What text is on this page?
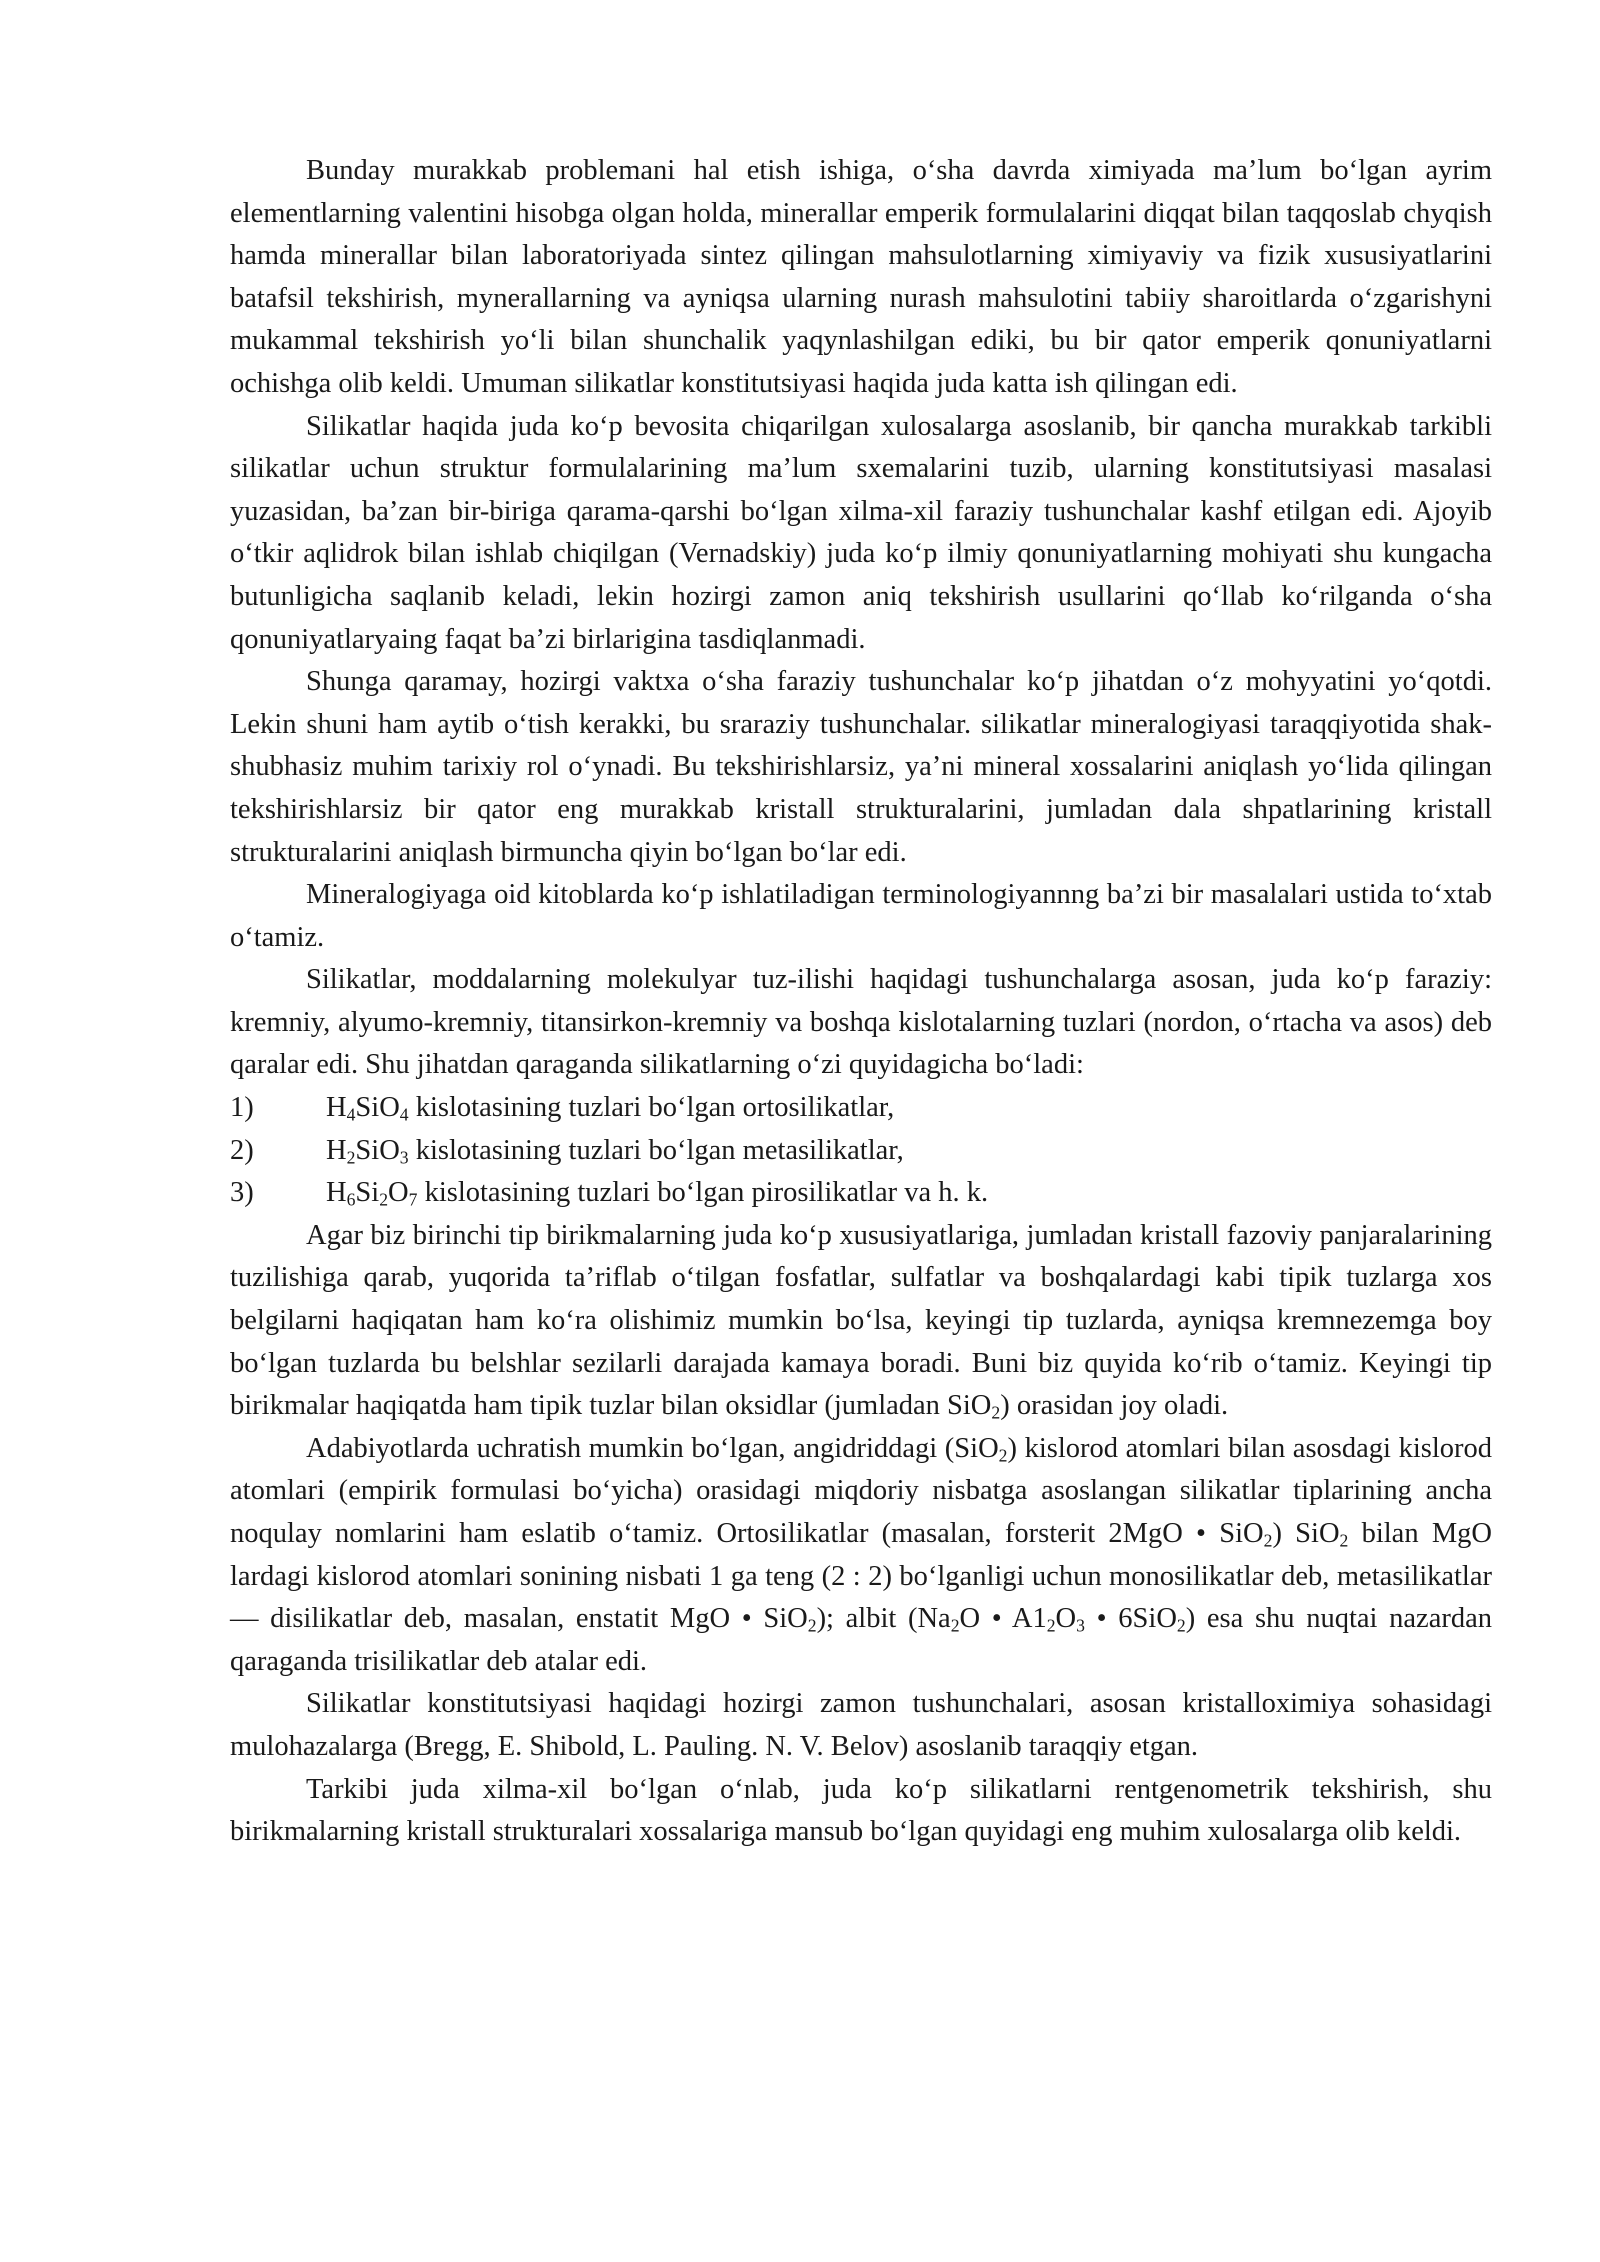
Bunday murakkab problemani hal etish ishiga, o‘sha davrda ximiyada ma’lum bo‘lgan ayrim elementlarning valentini hisobga olgan holda, minerallar emperik formulalarini diqqat bilan taqqoslab chyqish hamda minerallar bilan laboratoriyada sintez qilingan mahsulotlarning ximiyaviy va fizik xususiyatlarini batafsil tekshirish, mynerallarning va ayniqsa ularning nurash mahsulotini tabiiy sharoitlarda o‘zgarishyni mukammal tekshirish yo‘li bilan shunchalik yaqynlashilgan ediki, bu bir qator emperik qonuniyatlarni ochishga olib keldi. Umuman silikatlar konstitutsiyasi haqida juda katta ish qilingan edi.

Silikatlar haqida juda ko‘p bevosita chiqarilgan xulosalarga asoslanib, bir qancha murakkab tarkibli silikatlar uchun struktur formulalarining ma’lum sxemalarini tuzib, ularning konstitutsiyasi masalasi yuzasidan, ba’zan bir-biriga qarama-qarshi bo‘lgan xilma-xil faraziy tushunchalar kashf etilgan edi. Ajoyib o‘tkir aqlidrok bilan ishlab chiqilgan (Vernadskiy) juda ko‘p ilmiy qonuniyatlarning mohiyati shu kungacha butunligicha saqlanib keladi, lekin hozirgi zamon aniq tekshirish usullarini qo‘llab ko‘rilganda o‘sha qonuniyatlaryaing faqat ba’zi birlarigina tasdiqlanmadi.

Shunga qaramay, hozirgi vaktxa o‘sha faraziy tushunchalar ko‘p jihatdan o‘z mohyyatini yo‘qotdi. Lekin shuni ham aytib o‘tish kerakki, bu sraraziy tushunchalar. silikatlar mineralogiyasi taraqqiyotida shak-shubhasiz muhim tarixiy rol o‘ynadi. Bu tekshirishlarsiz, ya’ni mineral xossalarini aniqlash yo‘lida qilingan tekshirishlarsiz bir qator eng murakkab kristall strukturalarini, jumladan dala shpatlarining kristall strukturalarini aniqlash birmuncha qiyin bo‘lgan bo‘lar edi.

Mineralogiyaga oid kitoblarda ko‘p ishlatiladigan terminologiyannng ba’zi bir masalalari ustida to‘xtab o‘tamiz.

Silikatlar, moddalarning molekulyar tuz-ilishi haqidagi tushunchalarga asosan, juda ko‘p faraziy: kremniy, alyumo-kremniy, titansirkon-kremniy va boshqa kislotalarning tuzlari (nordon, o‘rtacha va asos) deb qaralar edi. Shu jihatdan qaraganda silikatlarning o‘zi quyidagicha bo‘ladi:

1)	$H_4SiO_4$ kislotasining tuzlari bo‘lgan ortosilikatlar,
2)	$H_2SiO_3$ kislotasining tuzlari bo‘lgan metasilikatlar,
3)	$H_6Si_2O_7$ kislotasining tuzlari bo‘lgan pirosilikatlar va h. k.

Agar biz birinchi tip birikmalarning juda ko‘p xususiyatlariga, jumladan kristall fazoviy panjaralarining tuzilishiga qarab, yuqorida ta’riflab o‘tilgan fosfatlar, sulfatlar va boshqalardagi kabi tipik tuzlarga xos belgilarni haqiqatan ham ko‘ra olishimiz mumkin bo‘lsa, keyingi tip tuzlarda, ayniqsa kremnezemga boy bo‘lgan tuzlarda bu belshlar sezilarli darajada kamaya boradi. Buni biz quyida ko‘rib o‘tamiz. Keyingi tip birikmalar haqiqatda ham tipik tuzlar bilan oksidlar (jumladan SiO$_2$) orasidan joy oladi.

Adabiyotlarda uchratish mumkin bo‘lgan, angidriddagi (SiO$_2$) kislorod atomlari bilan asosdagi kislorod atomlari (empirik formulasi bo‘yicha) orasidagi miqdoriy nisbatga asoslangan silikatlar tiplarining ancha noqulay nomlarini ham eslatib o‘tamiz. Ortosilikatlar (masalan, forsterit 2MgO • SiO$_2$) SiO$_2$ bilan MgO lardagi kislorod atomlari sonining nisbati 1 ga teng (2 : 2) bo‘lganligi uchun monosilikatlar deb, metasilikatlar — disilikatlar deb, masalan, enstatit MgO • SiO$_2$); albit ($Na_2O$ • $A1_2O_3$ • 6SiO$_2$) esa shu nuqtai nazardan qaraganda trisilikatlar deb atalar edi.

Silikatlar konstitutsiyasi haqidagi hozirgi zamon tushunchalari, asosan kristalloximiya sohasidagi mulohazalarga (Bregg, E. Shibold, L. Pauling. N. V. Belov) asoslanib taraqqiy etgan.

Tarkibi juda xilma-xil bo‘lgan o‘nlab, juda ko‘p silikatlarni rentgenometrik tekshirish, shu birikmalarning kristall strukturalari xossalariga mansub bo‘lgan quyidagi eng muhim xulosalarga olib keldi.
